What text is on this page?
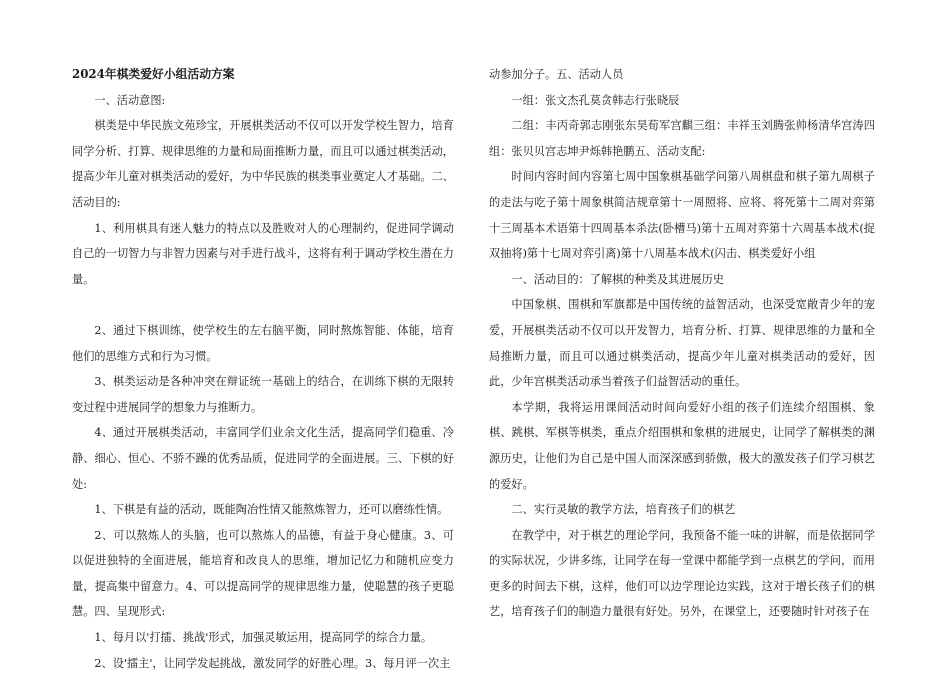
2024年棋类爱好小组活动方案

一、活动意图:

棋类是中华民族文苑珍宝，开展棋类活动不仅可以开发学校生智力，培育同学分析、打算、规律思维的力量和局面推断力量，而且可以通过棋类活动，提高少年儿童对棋类活动的爱好，为中华民族的棋类事业奠定人才基础。二、活动目的:

1、利用棋具有迷人魅力的特点以及胜败对人的心理制约，促进同学调动自己的一切智力与非智力因素与对手进行战斗，这将有利于调动学校生潜在力量。

2、通过下棋训练，使学校生的左右脑平衡，同时熬炼智能、体能，培育他们的思维方式和行为习惯。

3、棋类运动是各种冲突在辩证统一基础上的结合，在训练下棋的无限转变过程中进展同学的想象力与推断力。

4、通过开展棋类活动，丰富同学们业余文化生活，提高同学们稳重、冷静、细心、恒心、不骄不躁的优秀品质，促进同学的全面进展。三、下棋的好处:

1、下棋是有益的活动，既能陶冶性情又能熬炼智力，还可以磨练性情。

2、可以熬炼人的头脑，也可以熬炼人的品德，有益于身心健康。3、可以促进独特的全面进展，能培育和改良人的思维，增加记忆力和随机应变力量，提高集中留意力。4、可以提高同学的规律思维力量，使聪慧的孩子更聪慧。四、呈现形式:

1、每月以'打擂、挑战'形式，加强灵敏运用，提高同学的综合力量。

2、设'擂主'，让同学发起挑战，激发同学的好胜心理。3、每月评一次主

动参加分子。五、活动人员

一组：张文杰孔莫贪韩志行张晓辰

二组：丰丙奇郭志刚张东昊荀军宫麒三组：丰祥玉刘腾张帅杨清华宫涛四组：张贝贝宫志坤尹烁韩艳鹏五、活动支配:

时间内容时间内容第七周中国象棋基础学问第八周棋盘和棋子第九周棋子的走法与吃子第十周象棋简洁规章第十一周照将、应将、将死第十二周对弈第十三周基本术语第十四周基本杀法(卧槽马)第十五周对弈第十六周基本战术(捉双抽将)第十七周对弈引离)第十八周基本战术(闪击、棋类爱好小组

一、活动目的：了解棋的种类及其进展历史

中国象棋、围棋和军旗都是中国传统的益智活动，也深受宽敞青少年的宠爱，开展棋类活动不仅可以开发智力，培育分析、打算、规律思维的力量和全局推断力量，而且可以通过棋类活动，提高少年儿童对棋类活动的爱好，因此，少年宫棋类活动承当着孩子们益智活动的重任。

本学期，我将运用课间活动时间向爱好小组的孩子们连续介绍围棋、象棋、跳棋、军棋等棋类，重点介绍围棋和象棋的进展史，让同学了解棋类的渊源历史，让他们为自己是中国人而深深感到骄傲，极大的激发孩子们学习棋艺的爱好。

二、实行灵敏的教学方法，培育孩子们的棋艺

在教学中，对于棋艺的理论学问，我预备不能一味的讲解，而是依据同学的实际状况，少讲多练，让同学在每一堂课中都能学到一点棋艺的学问，而用更多的时间去下棋，这样，他们可以边学理论边实践，这对于增长孩子们的棋艺，培育孩子们的制造力量很有好处。另外，在课堂上，还要随时针对孩子在
